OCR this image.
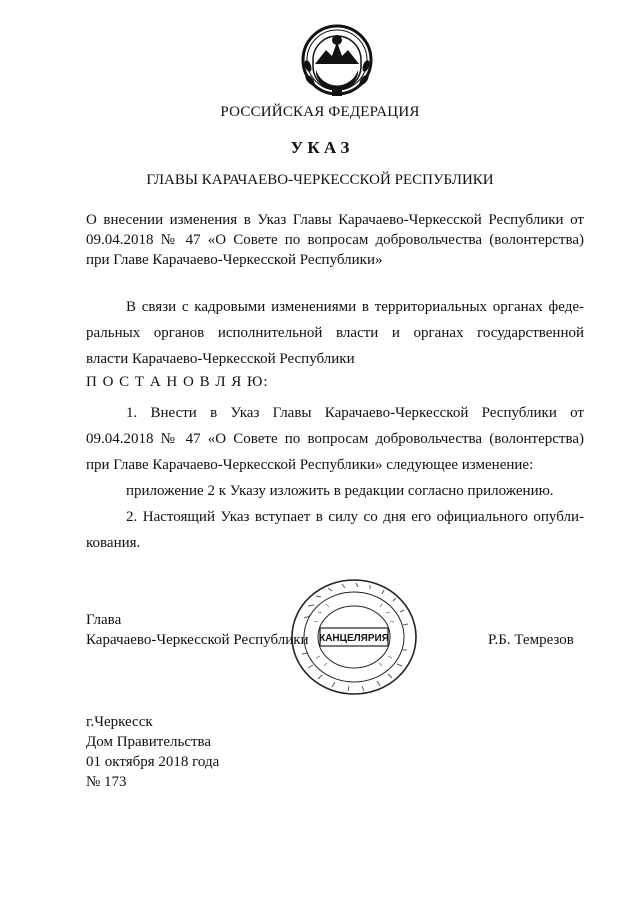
РОССИЙСКАЯ ФЕДЕРАЦИЯ
У К А З
ГЛАВЫ КАРАЧАЕВО-ЧЕРКЕССКОЙ РЕСПУБЛИКИ
О внесении изменения в Указ Главы Карачаево-Черкесской Республики от
09.04.2018 № 47 «О Совете по вопросам добровольчества (волонтерства)
при Главе Карачаево-Черкесской Республики»
В связи с кадровыми изменениями в территориальных органах феде-
ральных органов исполнительной власти и органах государственной
власти Карачаево-Черкесской Республики
П О С Т А Н О В Л Я Ю:
1. Внести в Указ Главы Карачаево-Черкесской Республики от
09.04.2018 № 47 «О Совете по вопросам добровольчества (волонтерства)
при Главе Карачаево-Черкесской Республики» следующее изменение:
приложение 2 к Указу изложить в редакции согласно приложению.
2. Настоящий Указ вступает в силу со дня его официального опубли-
кования.
Глава
Карачаево-Черкесской Республики	Р.Б. Темрезов
КАНЦЕЛЯРИЯ
г.Черкесск
Дом Правительства
01 октября 2018 года
№ 173
